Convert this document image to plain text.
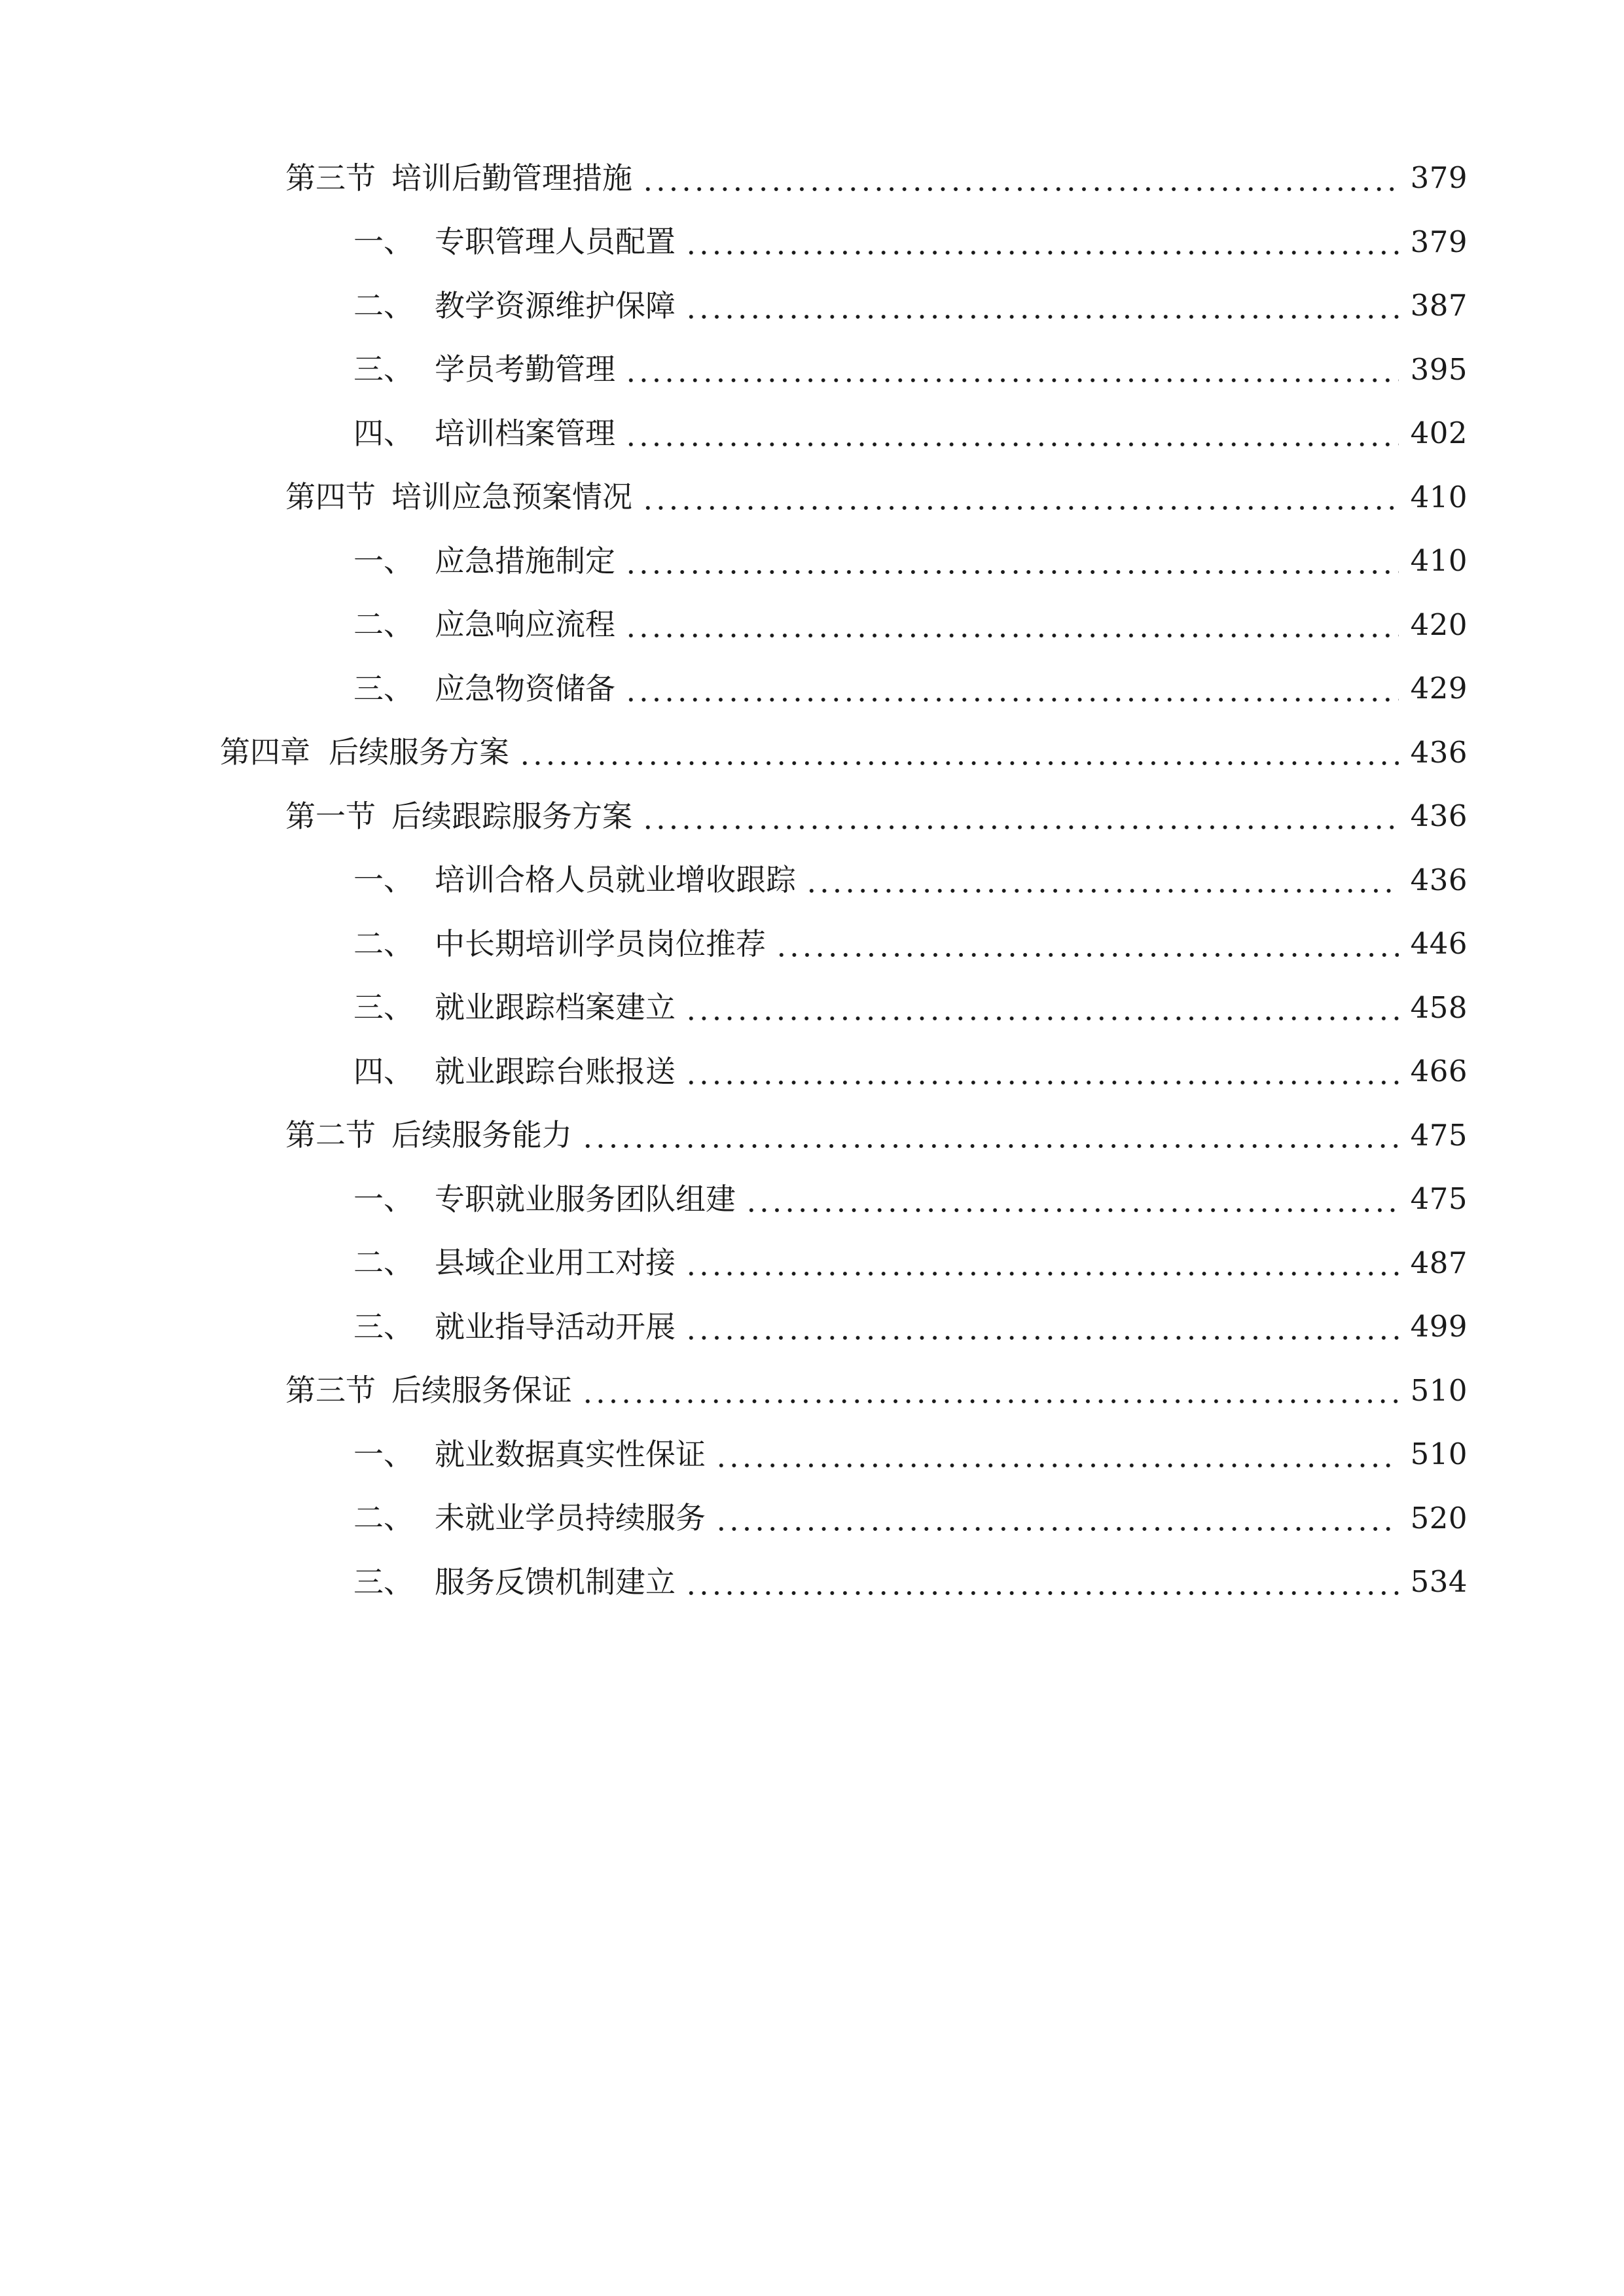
第三节 培训后勤管理措施	379
一、 专职管理人员配置	379
二、 教学资源维护保障	387
三、 学员考勤管理	395
四、 培训档案管理	402
第四节 培训应急预案情况	410
一、 应急措施制定	410
二、 应急响应流程	420
三、 应急物资储备	429
第四章 后续服务方案	436
第一节 后续跟踪服务方案	436
一、 培训合格人员就业增收跟踪	436
二、 中长期培训学员岗位推荐	446
三、 就业跟踪档案建立	458
四、 就业跟踪台账报送	466
第二节 后续服务能力	475
一、 专职就业服务团队组建	475
二、 县域企业用工对接	487
三、 就业指导活动开展	499
第三节 后续服务保证	510
一、 就业数据真实性保证	510
二、 未就业学员持续服务	520
三、 服务反馈机制建立	534
